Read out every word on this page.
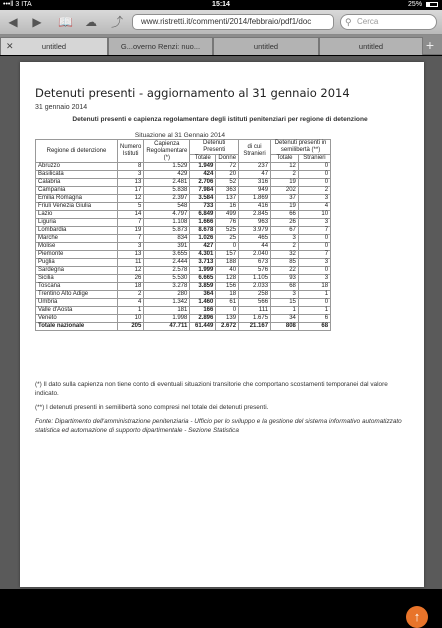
•••ll 3 ITA	15:14	25%
◀ ▶ 📖 ☁ ⤴	www.ristretti.it/commenti/2014/febbraio/pdf1/doc	⚲ Cerca
✕	untitled	G...overno Renzi: nuo...	untitled	untitled	+
Detenuti presenti - aggiornamento al 31 gennaio 2014
31 gennaio 2014
Detenuti presenti e capienza regolamentare degli istituti penitenziari per regione di detenzione
Situazione al 31 Gennaio 2014
Regione di detenzione	Numero Istituti	Capienza Regolamentare (*)	Detenuti Presenti		di cui Stranieri	Detenuti presenti in semilibertà (**)	
			Totale	Donne		Totale	Stranieri
Abruzzo	8	1.529	1.949	72	237	12	0
Basilicata	3	429	424	20	47	2	0
Calabria	13	2.481	2.706	52	316	19	0
Campania	17	5.838	7.984	363	949	202	2
Emilia Romagna	12	2.397	3.584	137	1.869	37	3
Friuli Venezia Giulia	5	548	733	16	416	19	4
Lazio	14	4.797	6.849	499	2.845	66	10
Liguria	7	1.108	1.666	76	963	26	3
Lombardia	19	5.873	8.678	525	3.979	67	7
Marche	7	834	1.026	25	465	3	0
Molise	3	391	427	0	44	2	0
Piemonte	13	3.655	4.301	157	2.040	32	7
Puglia	11	2.444	3.713	188	673	85	3
Sardegna	12	2.578	1.999	40	576	22	0
Sicilia	26	5.530	6.665	128	1.105	93	3
Toscana	18	3.278	3.859	156	2.033	68	18
Trentino Alto Adige	2	280	364	18	258	3	1
Umbria	4	1.342	1.460	61	566	15	0
Valle d'Aosta	1	181	166	0	111	1	1
Veneto	10	1.998	2.896	139	1.675	34	6
Totale nazionale	205	47.711	61.449	2.672	21.167	808	68

(*) Il dato sulla capienza non tiene conto di eventuali situazioni transitorie che comportano scostamenti temporanei dal valore indicato.

(**) I detenuti presenti in semilibertà sono compresi nel totale dei detenuti presenti.

Fonte: Dipartimento dell'amministrazione penitenziaria - Ufficio per lo sviluppo e la gestione del sistema informativo automatizzato statistica ed automazione di supporto dipartimentale - Sezione Statistica

↑
